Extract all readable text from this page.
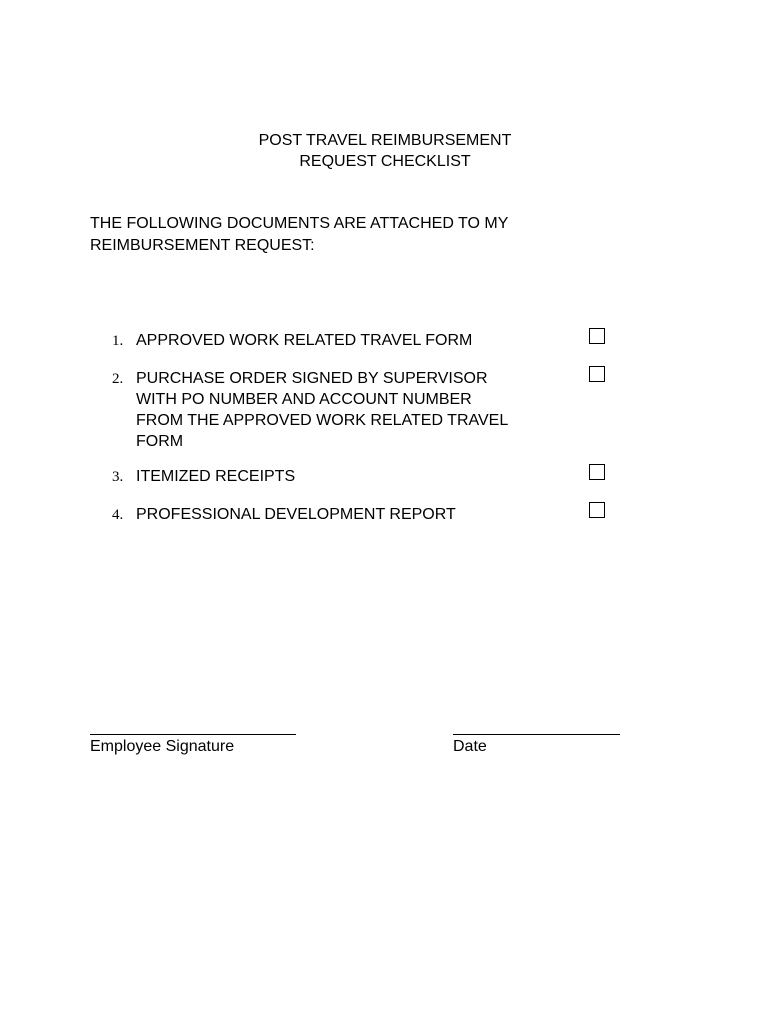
POST TRAVEL REIMBURSEMENT
REQUEST CHECKLIST
THE FOLLOWING DOCUMENTS ARE ATTACHED TO MY
REIMBURSEMENT REQUEST:
1. APPROVED WORK RELATED TRAVEL FORM
2. PURCHASE ORDER SIGNED BY SUPERVISOR
WITH PO NUMBER AND ACCOUNT NUMBER
FROM THE APPROVED WORK RELATED TRAVEL
FORM
3. ITEMIZED RECEIPTS
4. PROFESSIONAL DEVELOPMENT REPORT
Employee Signature	Date
